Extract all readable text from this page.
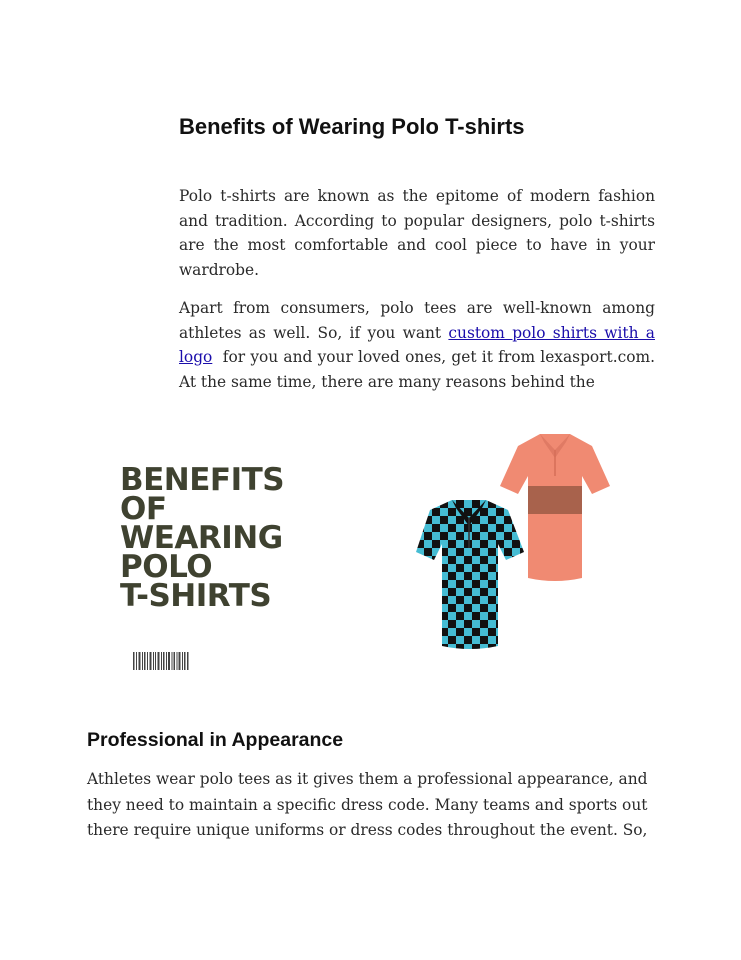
Benefits of Wearing Polo T-shirts

Polo t-shirts are known as the epitome of modern fashion and tradition. According to popular designers, polo t-shirts are the most comfortable and cool piece to have in your wardrobe.

Apart from consumers, polo tees are well-known among athletes as well. So, if you want custom polo shirts with a logo  for you and your loved ones, get it from lexasport.com. At the same time, there are many reasons behind the

BENEFITS
OF
WEARING
POLO
T-SHIRTS
Professional in Appearance
Athletes wear polo tees as it gives them a professional appearance, and
they need to maintain a specific dress code. Many teams and sports out
there require unique uniforms or dress codes throughout the event. So,
